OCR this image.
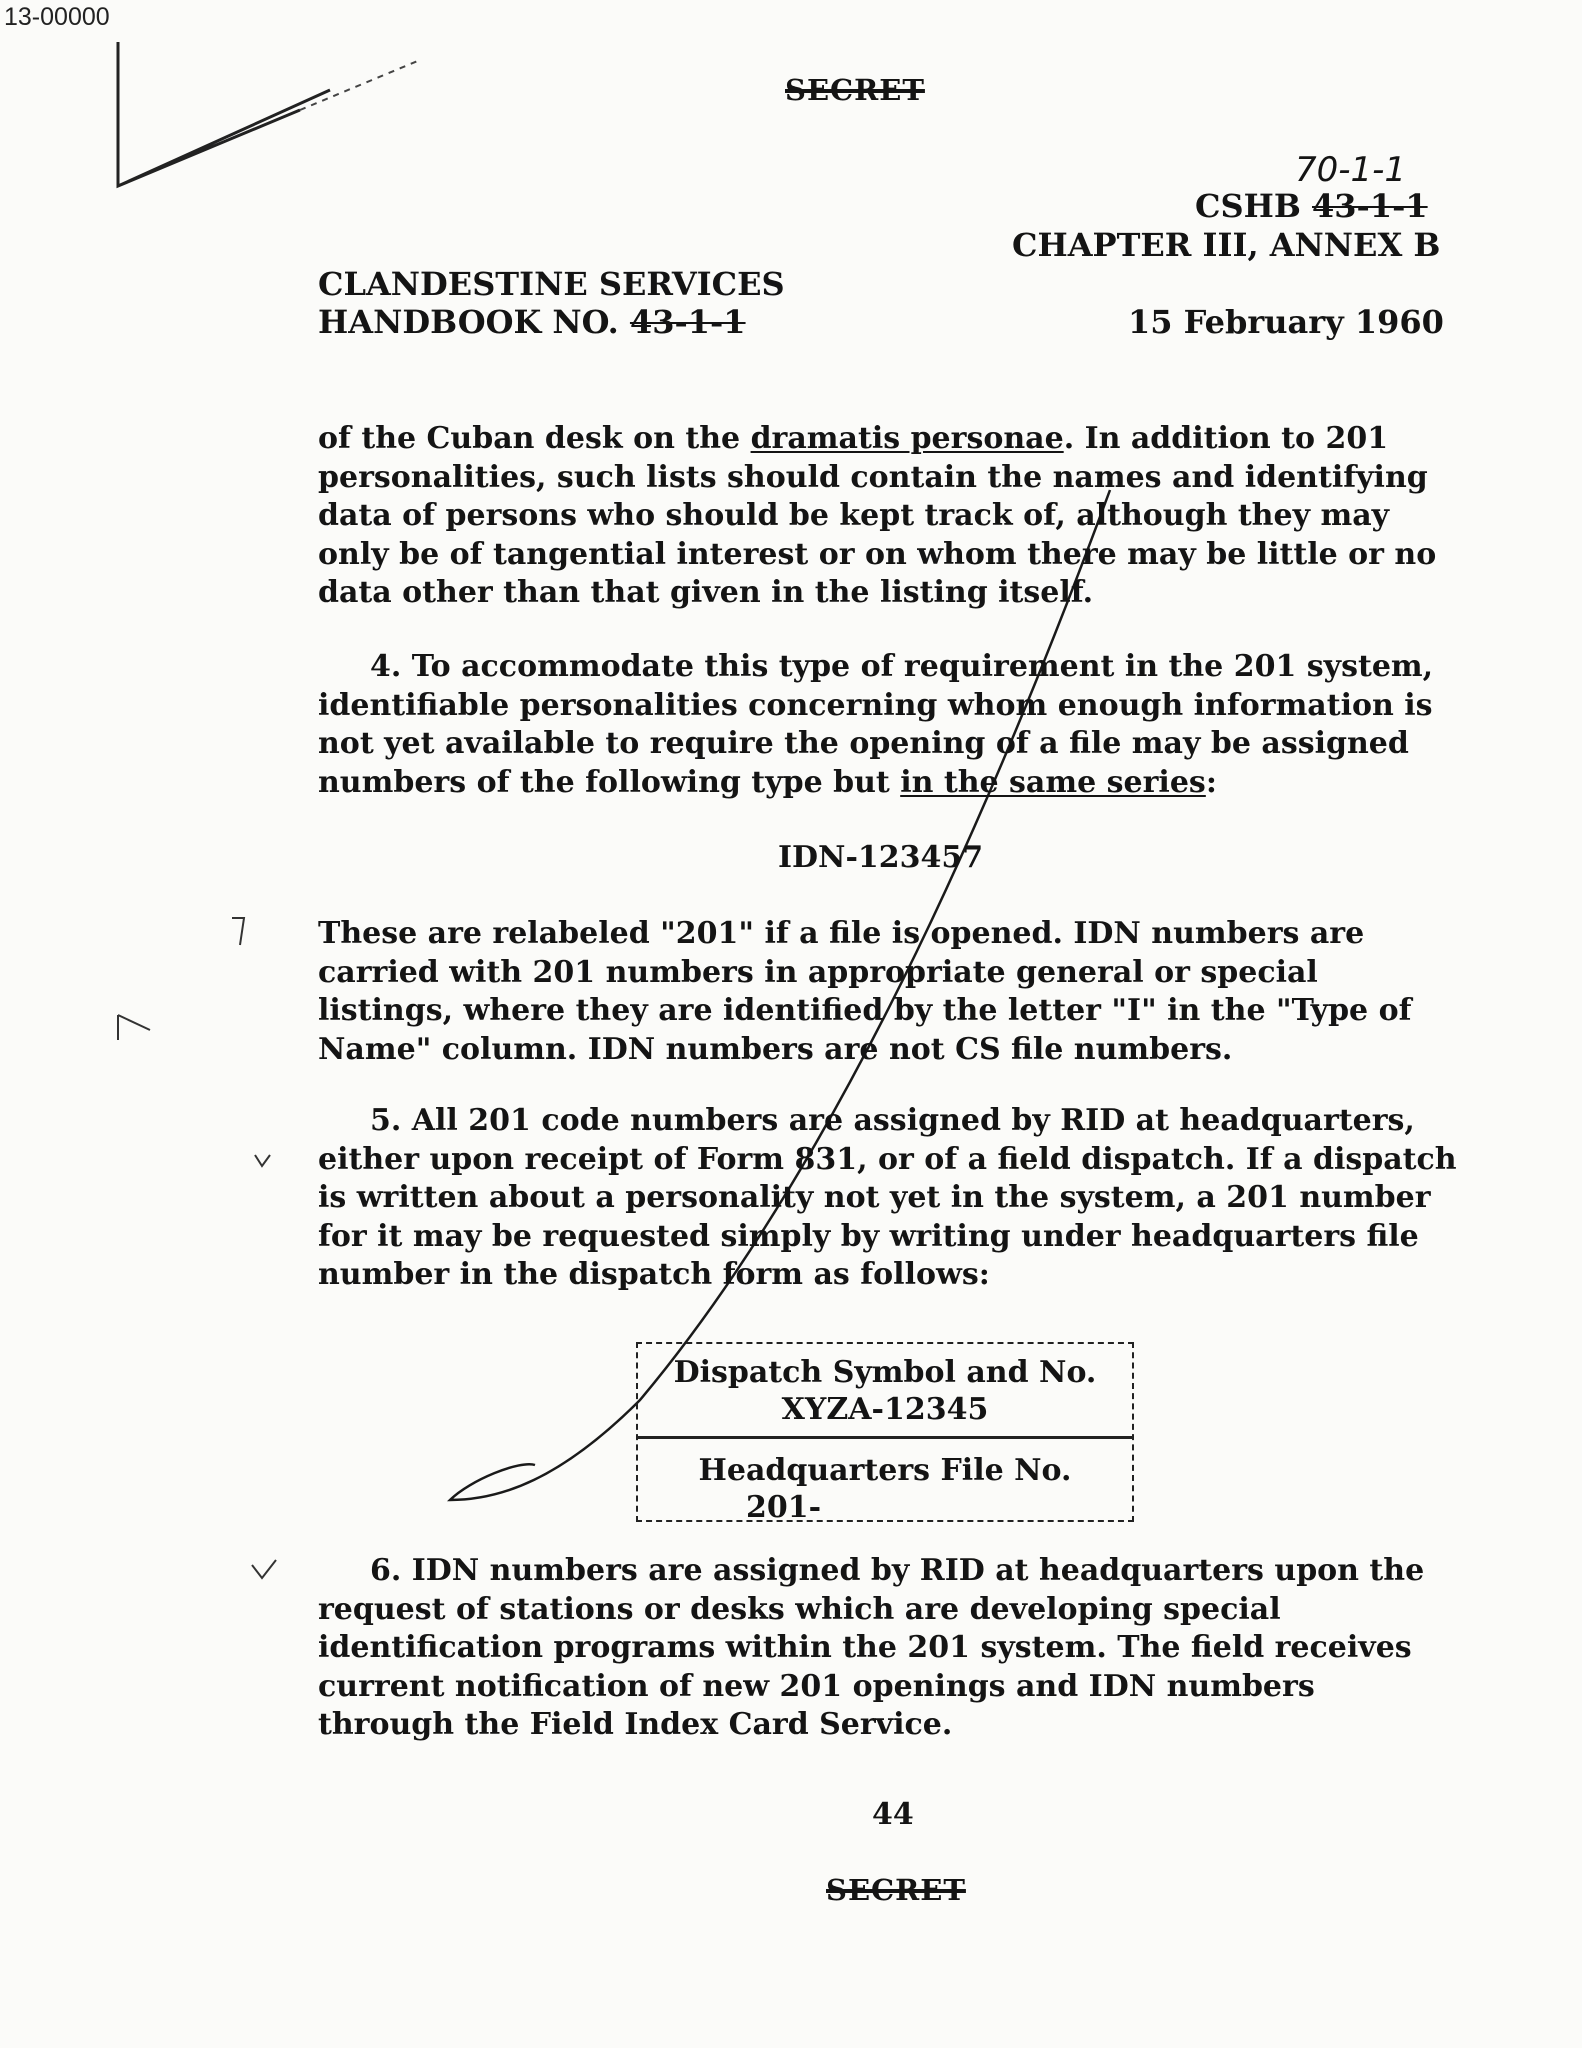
13-00000
SECRET
70-1-1
CSHB 43-1-1
CHAPTER III, ANNEX B
CLANDESTINE SERVICES
HANDBOOK NO. 43-1-1	15 February 1960

of the Cuban desk on the dramatis personae. In addition to 201 personalities, such lists should contain the names and identifying data of persons who should be kept track of, although they may only be of tangential interest or on whom there may be little or no data other than that given in the listing itself.

4. To accommodate this type of requirement in the 201 system, identifiable personalities concerning whom enough information is not yet available to require the opening of a file may be assigned numbers of the following type but in the same series:

IDN-123457

These are relabeled "201" if a file is opened. IDN numbers are carried with 201 numbers in appropriate general or special listings, where they are identified by the letter "I" in the "Type of Name" column. IDN numbers are not CS file numbers.

5. All 201 code numbers are assigned by RID at headquarters, either upon receipt of Form 831, or of a field dispatch. If a dispatch is written about a personality not yet in the system, a 201 number for it may be requested simply by writing under headquarters file number in the dispatch form as follows:

Dispatch Symbol and No.
XYZA-12345
Headquarters File No.
201-

6. IDN numbers are assigned by RID at headquarters upon the request of stations or desks which are developing special identification programs within the 201 system. The field receives current notification of new 201 openings and IDN numbers through the Field Index Card Service.

44
SECRET
